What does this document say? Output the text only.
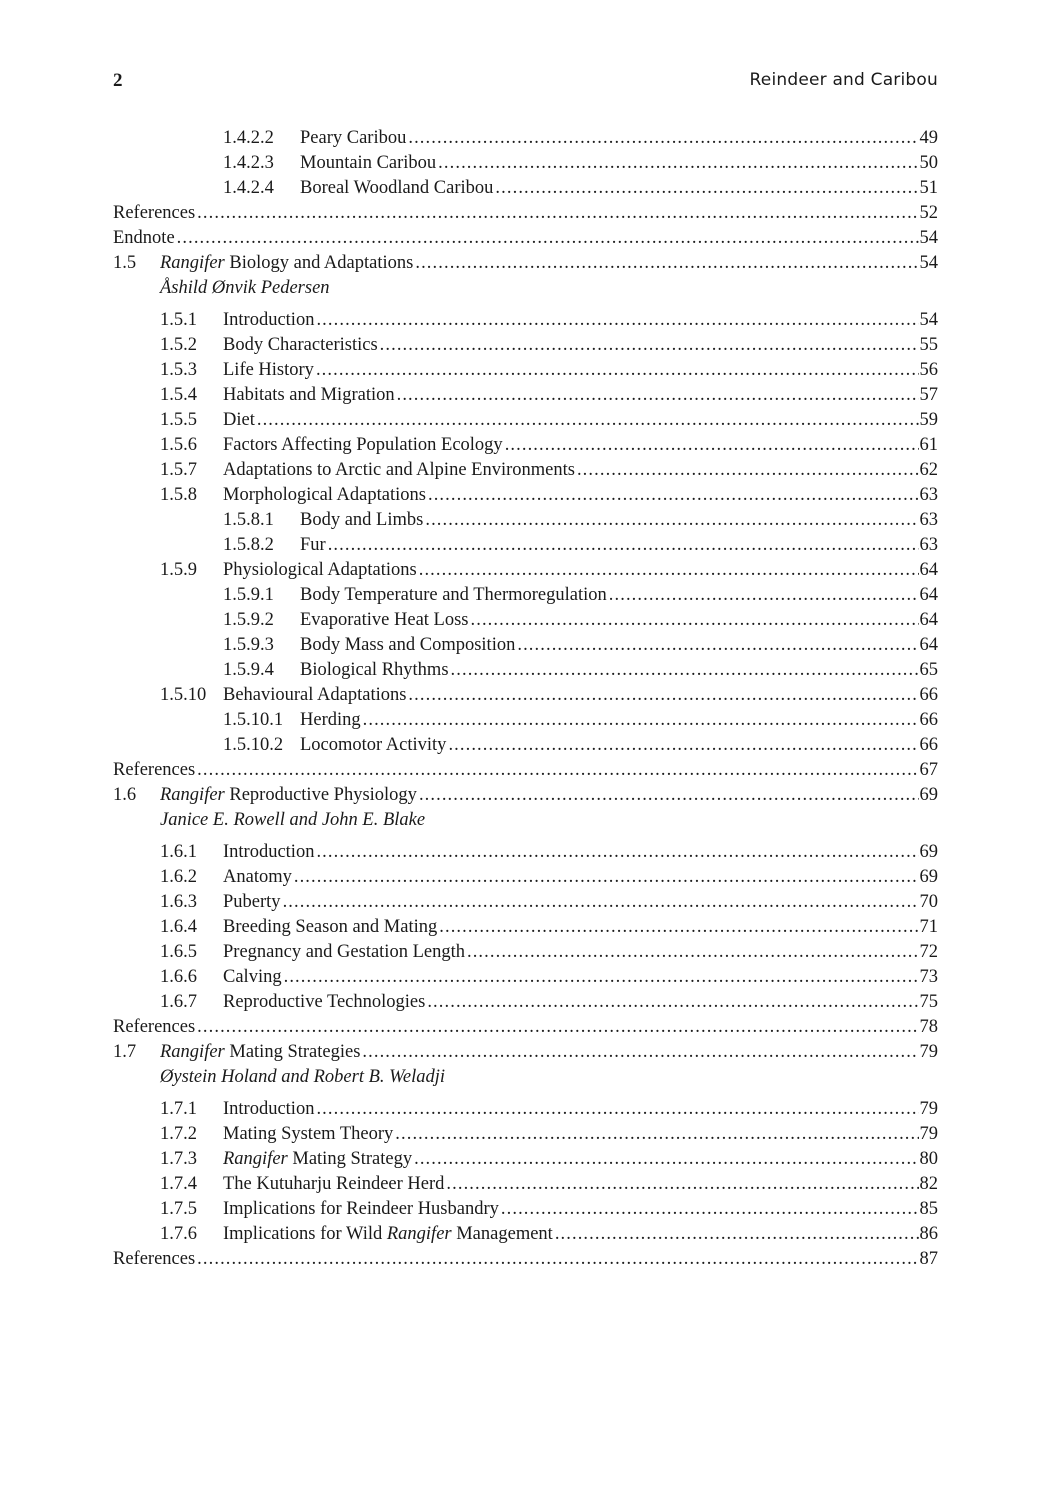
2	Reindeer and Caribou
1.4.2.2 Peary Caribou .....	49
1.4.2.3 Mountain Caribou .....	50
1.4.2.4 Boreal Woodland Caribou .....	51
References .....	52
Endnote .....	54
1.5 Rangifer Biology and Adaptations .....	54
Åshild Ønvik Pedersen
1.5.1 Introduction .....	54
1.5.2 Body Characteristics .....	55
1.5.3 Life History .....	56
1.5.4 Habitats and Migration .....	57
1.5.5 Diet .....	59
1.5.6 Factors Affecting Population Ecology .....	61
1.5.7 Adaptations to Arctic and Alpine Environments .....	62
1.5.8 Morphological Adaptations .....	63
1.5.8.1 Body and Limbs .....	63
1.5.8.2 Fur .....	63
1.5.9 Physiological Adaptations .....	64
1.5.9.1 Body Temperature and Thermoregulation .....	64
1.5.9.2 Evaporative Heat Loss .....	64
1.5.9.3 Body Mass and Composition .....	64
1.5.9.4 Biological Rhythms .....	65
1.5.10 Behavioural Adaptations .....	66
1.5.10.1 Herding .....	66
1.5.10.2 Locomotor Activity .....	66
References .....	67
1.6 Rangifer Reproductive Physiology .....	69
Janice E. Rowell and John E. Blake
1.6.1 Introduction .....	69
1.6.2 Anatomy .....	69
1.6.3 Puberty .....	70
1.6.4 Breeding Season and Mating .....	71
1.6.5 Pregnancy and Gestation Length .....	72
1.6.6 Calving .....	73
1.6.7 Reproductive Technologies .....	75
References .....	78
1.7 Rangifer Mating Strategies .....	79
Øystein Holand and Robert B. Weladji
1.7.1 Introduction .....	79
1.7.2 Mating System Theory .....	79
1.7.3 Rangifer Mating Strategy .....	80
1.7.4 The Kutuharju Reindeer Herd .....	82
1.7.5 Implications for Reindeer Husbandry .....	85
1.7.6 Implications for Wild Rangifer Management .....	86
References .....	87
